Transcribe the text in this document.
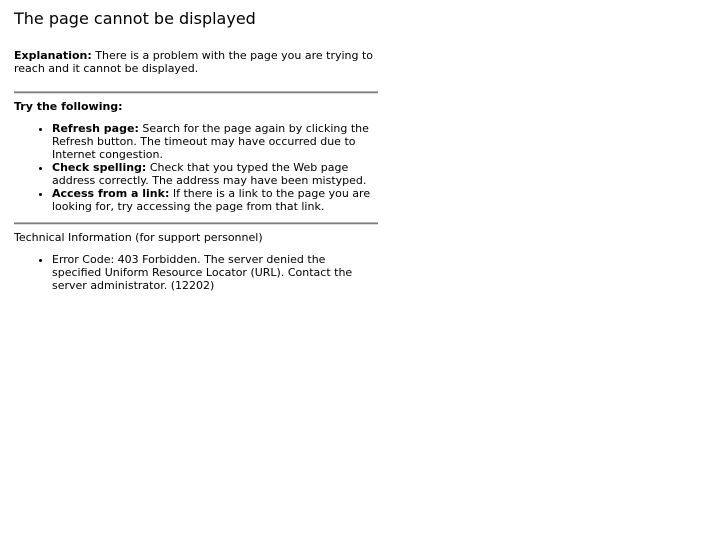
The page cannot be displayed

Explanation: There is a problem with the page you are trying to reach and it cannot be displayed.

Try the following:

• Refresh page: Search for the page again by clicking the Refresh button. The timeout may have occurred due to Internet congestion.
• Check spelling: Check that you typed the Web page address correctly. The address may have been mistyped.
• Access from a link: If there is a link to the page you are looking for, try accessing the page from that link.

Technical Information (for support personnel)

• Error Code: 403 Forbidden. The server denied the specified Uniform Resource Locator (URL). Contact the server administrator. (12202)
